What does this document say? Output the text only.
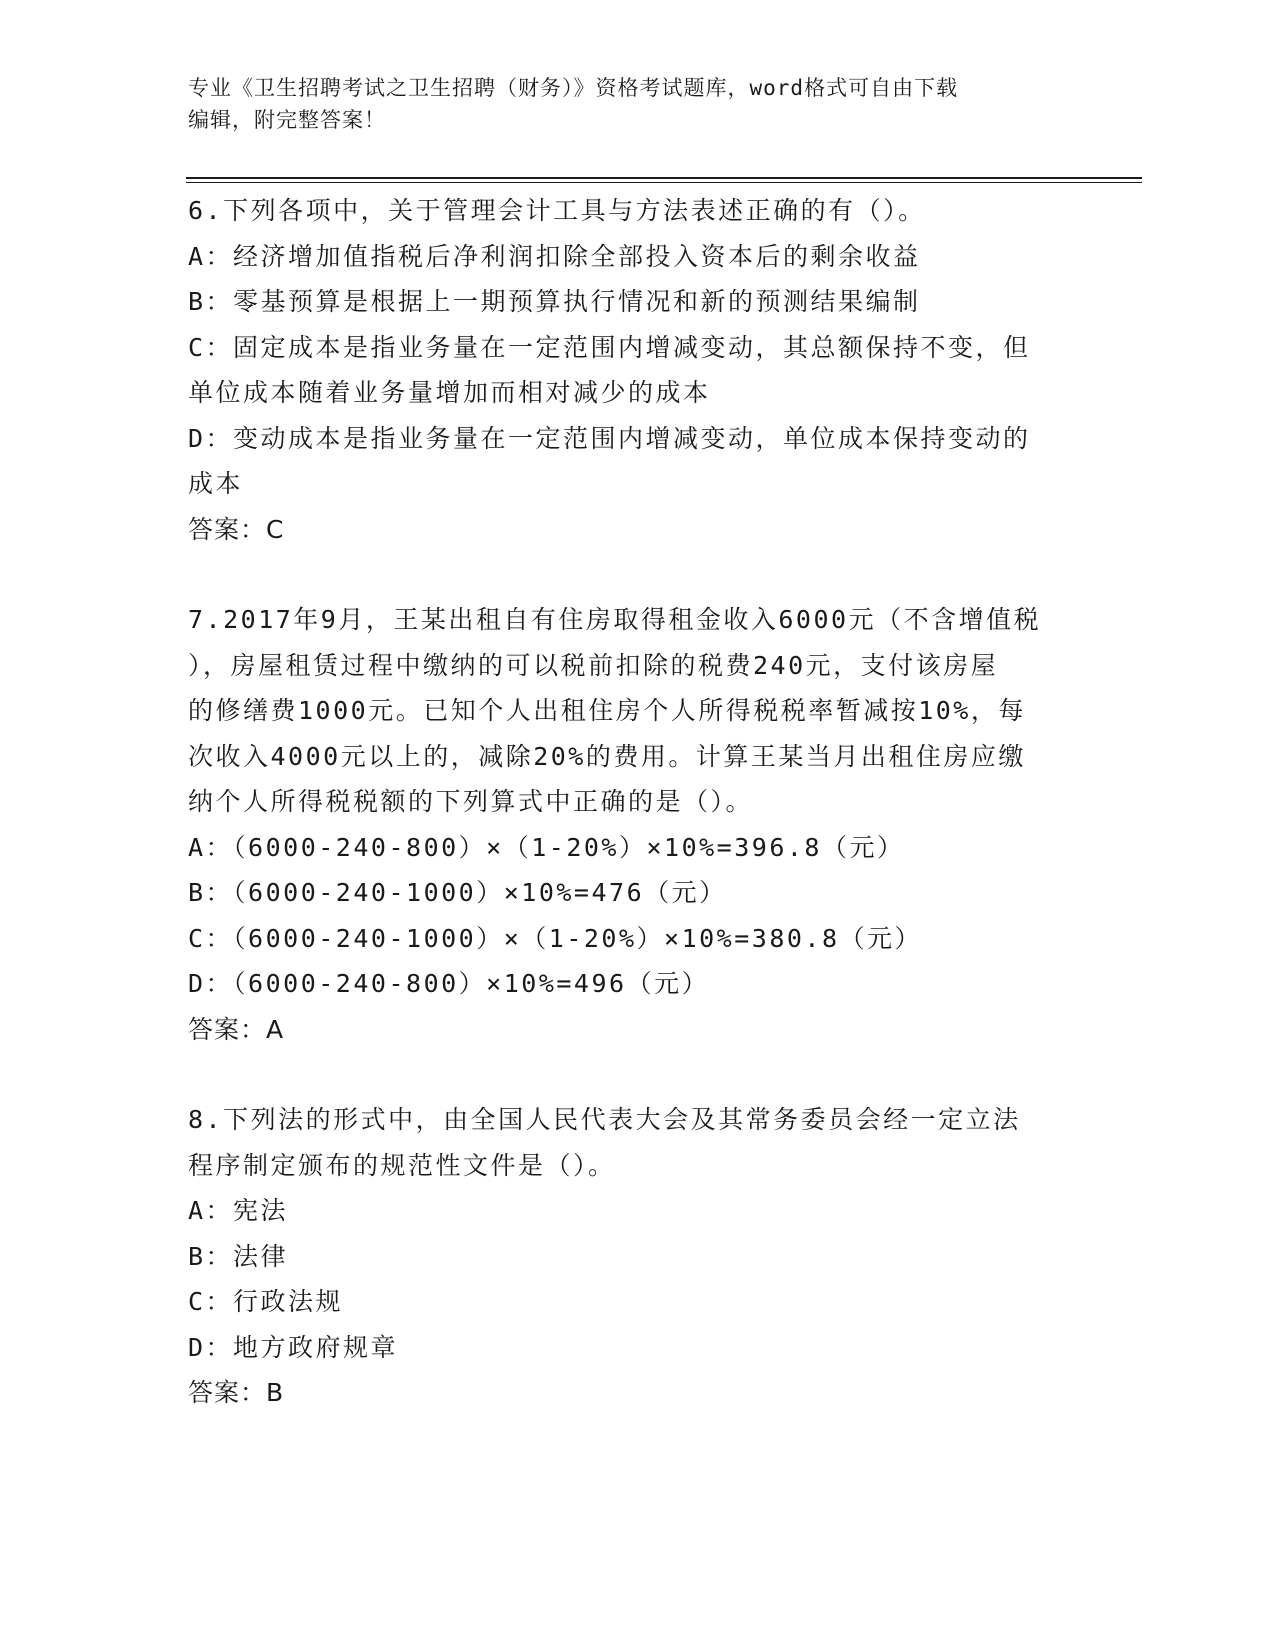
专业《卫生招聘考试之卫生招聘（财务）》资格考试题库，word格式可自由下载
编辑，附完整答案！
6.下列各项中，关于管理会计工具与方法表述正确的有（）。
A：经济增加值指税后净利润扣除全部投入资本后的剩余收益
B：零基预算是根据上一期预算执行情况和新的预测结果编制
C：固定成本是指业务量在一定范围内增减变动，其总额保持不变，但
单位成本随着业务量增加而相对减少的成本
D：变动成本是指业务量在一定范围内增减变动，单位成本保持变动的
成本
答案：C
7.2017年9月，王某出租自有住房取得租金收入6000元（不含增值税
），房屋租赁过程中缴纳的可以税前扣除的税费240元，支付该房屋
的修缮费1000元。已知个人出租住房个人所得税税率暂减按10%，每
次收入4000元以上的，减除20%的费用。计算王某当月出租住房应缴
纳个人所得税税额的下列算式中正确的是（）。
A：（6000-240-800）×（1-20%）×10%=396.8（元）
B：（6000-240-1000）×10%=476（元）
C：（6000-240-1000）×（1-20%）×10%=380.8（元）
D：（6000-240-800）×10%=496（元）
答案：A
8.下列法的形式中，由全国人民代表大会及其常务委员会经一定立法
程序制定颁布的规范性文件是（）。
A：宪法
B：法律
C：行政法规
D：地方政府规章
答案：B
